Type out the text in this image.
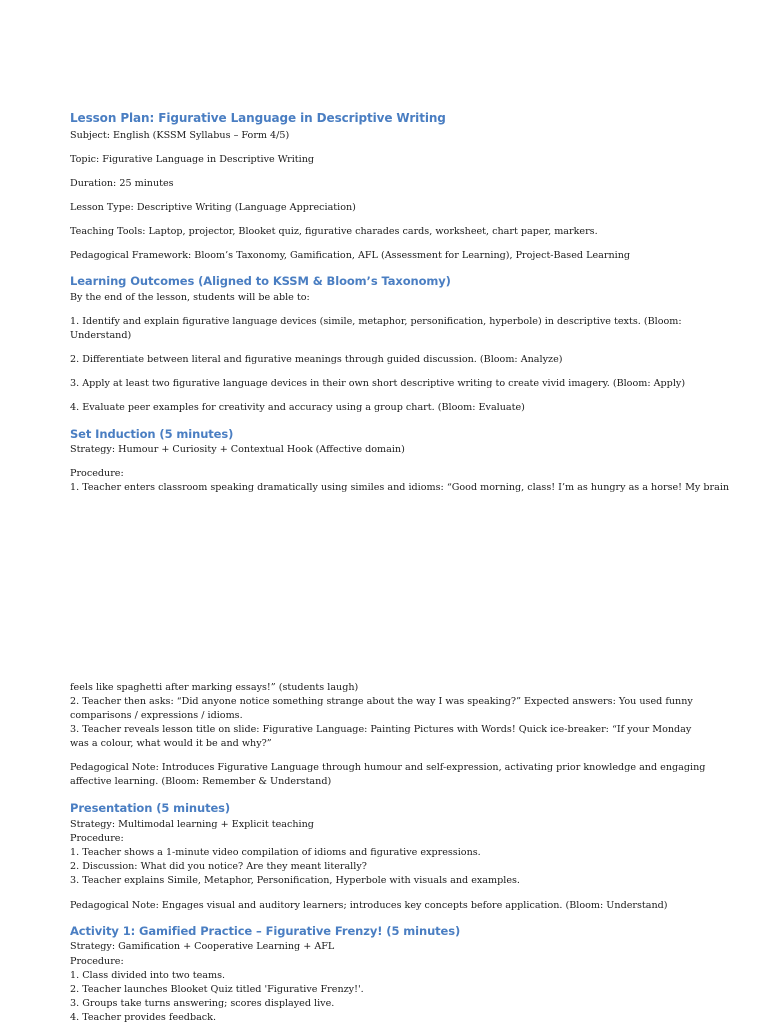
Lesson Plan: Figurative Language in Descriptive Writing

Subject: English (KSSM Syllabus – Form 4/5)

Topic: Figurative Language in Descriptive Writing

Duration: 25 minutes

Lesson Type: Descriptive Writing (Language Appreciation)

Teaching Tools: Laptop, projector, Blooket quiz, figurative charades cards, worksheet, chart paper, markers.

Pedagogical Framework: Bloom’s Taxonomy, Gamification, AFL (Assessment for Learning), Project-Based Learning

Learning Outcomes (Aligned to KSSM & Bloom’s Taxonomy)

By the end of the lesson, students will be able to:

1. Identify and explain figurative language devices (simile, metaphor, personification, hyperbole) in descriptive texts. (Bloom: Understand)

2. Differentiate between literal and figurative meanings through guided discussion. (Bloom: Analyze)

3. Apply at least two figurative language devices in their own short descriptive writing to create vivid imagery. (Bloom: Apply)

4. Evaluate peer examples for creativity and accuracy using a group chart. (Bloom: Evaluate)

Set Induction (5 minutes)

Strategy: Humour + Curiosity + Contextual Hook (Affective domain)

Procedure:

1. Teacher enters classroom speaking dramatically using similes and idioms: “Good morning, class! I’m as hungry as a horse! My brain

feels like spaghetti after marking essays!” (students laugh)

2. Teacher then asks: “Did anyone notice something strange about the way I was speaking?” Expected answers: You used funny comparisons / expressions / idioms.

3. Teacher reveals lesson title on slide: Figurative Language: Painting Pictures with Words! Quick ice-breaker: “If your Monday was a colour, what would it be and why?”

Pedagogical Note: Introduces Figurative Language through humour and self-expression, activating prior knowledge and engaging affective learning. (Bloom: Remember & Understand)

Presentation (5 minutes)

Strategy: Multimodal learning + Explicit teaching

Procedure:

1. Teacher shows a 1-minute video compilation of idioms and figurative expressions.

2. Discussion: What did you notice? Are they meant literally?

3. Teacher explains Simile, Metaphor, Personification, Hyperbole with visuals and examples.

Pedagogical Note: Engages visual and auditory learners; introduces key concepts before application. (Bloom: Understand)

Activity 1: Gamified Practice – Figurative Frenzy! (5 minutes)

Strategy: Gamification + Cooperative Learning + AFL

Procedure:

1. Class divided into two teams.

2. Teacher launches Blooket Quiz titled 'Figurative Frenzy!'.

3. Groups take turns answering; scores displayed live.

4. Teacher provides feedback.
